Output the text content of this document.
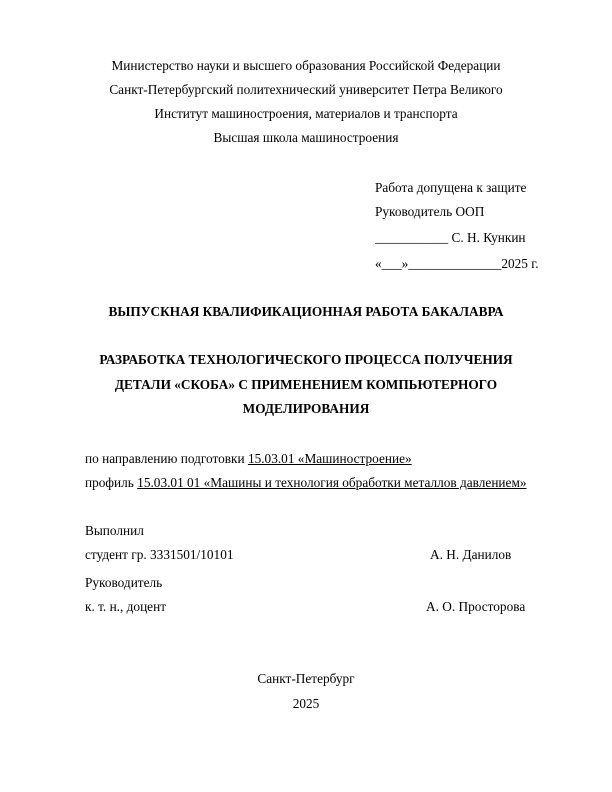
Министерство науки и высшего образования Российской Федерации
Санкт-Петербургский политехнический университет Петра Великого
Институт машиностроения, материалов и транспорта
Высшая школа машиностроения
Работа допущена к защите
Руководитель ООП
___________ С. Н. Кункин
«___»______________2025 г.
ВЫПУСКНАЯ КВАЛИФИКАЦИОННАЯ РАБОТА БАКАЛАВРА
РАЗРАБОТКА ТЕХНОЛОГИЧЕСКОГО ПРОЦЕССА ПОЛУЧЕНИЯ
ДЕТАЛИ «СКОБА» С ПРИМЕНЕНИЕМ КОМПЬЮТЕРНОГО
МОДЕЛИРОВАНИЯ
по направлению подготовки 15.03.01 «Машиностроение»
профиль 15.03.01 01 «Машины и технология обработки металлов давлением»
Выполнил
студент гр. 3331501/10101	А. Н. Данилов
Руководитель
к. т. н., доцент	А. О. Просторова
Санкт-Петербург
2025
